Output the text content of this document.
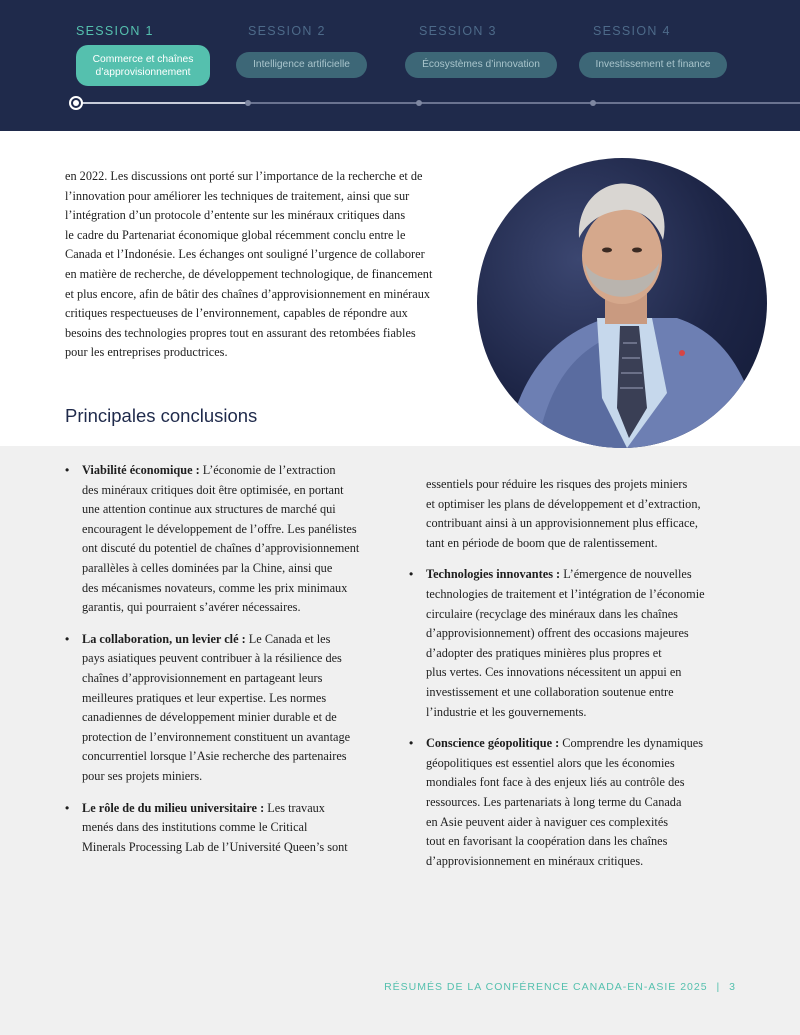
SESSION 1
Commerce et chaînes d’approvisionnement
SESSION 2
Intelligence artificielle
SESSION 3
Écosystèmes d’innovation
SESSION 4
Investissement et finance

en 2022. Les discussions ont porté sur l’importance de la recherche et de
l’innovation pour améliorer les techniques de traitement, ainsi que sur
l’intégration d’un protocole d’entente sur les minéraux critiques dans
le cadre du Partenariat économique global récemment conclu entre le
Canada et l’Indonésie. Les échanges ont souligné l’urgence de collaborer
en matière de recherche, de développement technologique, de financement
et plus encore, afin de bâtir des chaînes d’approvisionnement en minéraux
critiques respectueuses de l’environnement, capables de répondre aux
besoins des technologies propres tout en assurant des retombées fiables
pour les entreprises productrices.

Principales conclusions
• Viabilité économique : L’économie de l’extraction
des minéraux critiques doit être optimisée, en portant
une attention continue aux structures de marché qui
encouragent le développement de l’offre. Les panélistes
ont discuté du potentiel de chaînes d’approvisionnement
parallèles à celles dominées par la Chine, ainsi que
des mécanismes novateurs, comme les prix minimaux
garantis, qui pourraient s’avérer nécessaires.
• La collaboration, un levier clé : Le Canada et les
pays asiatiques peuvent contribuer à la résilience des
chaînes d’approvisionnement en partageant leurs
meilleures pratiques et leur expertise. Les normes
canadiennes de développement minier durable et de
protection de l’environnement constituent un avantage
concurrentiel lorsque l’Asie recherche des partenaires
pour ses projets miniers.
• Le rôle de du milieu universitaire : Les travaux
menés dans des institutions comme le Critical
Minerals Processing Lab de l’Université Queen’s sont
essentiels pour réduire les risques des projets miniers
et optimiser les plans de développement et d’extraction,
contribuant ainsi à un approvisionnement plus efficace,
tant en période de boom que de ralentissement.
• Technologies innovantes : L’émergence de nouvelles
technologies de traitement et l’intégration de l’économie
circulaire (recyclage des minéraux dans les chaînes
d’approvisionnement) offrent des occasions majeures
d’adopter des pratiques minières plus propres et
plus vertes. Ces innovations nécessitent un appui en
investissement et une collaboration soutenue entre
l’industrie et les gouvernements.
• Conscience géopolitique : Comprendre les dynamiques
géopolitiques est essentiel alors que les économies
mondiales font face à des enjeux liés au contrôle des
ressources. Les partenariats à long terme du Canada
en Asie peuvent aider à naviguer ces complexités
tout en favorisant la coopération dans les chaînes
d’approvisionnement en minéraux critiques.
RÉSUMÉS DE LA CONFÉRENCE CANADA-EN-ASIE 2025 | 3
